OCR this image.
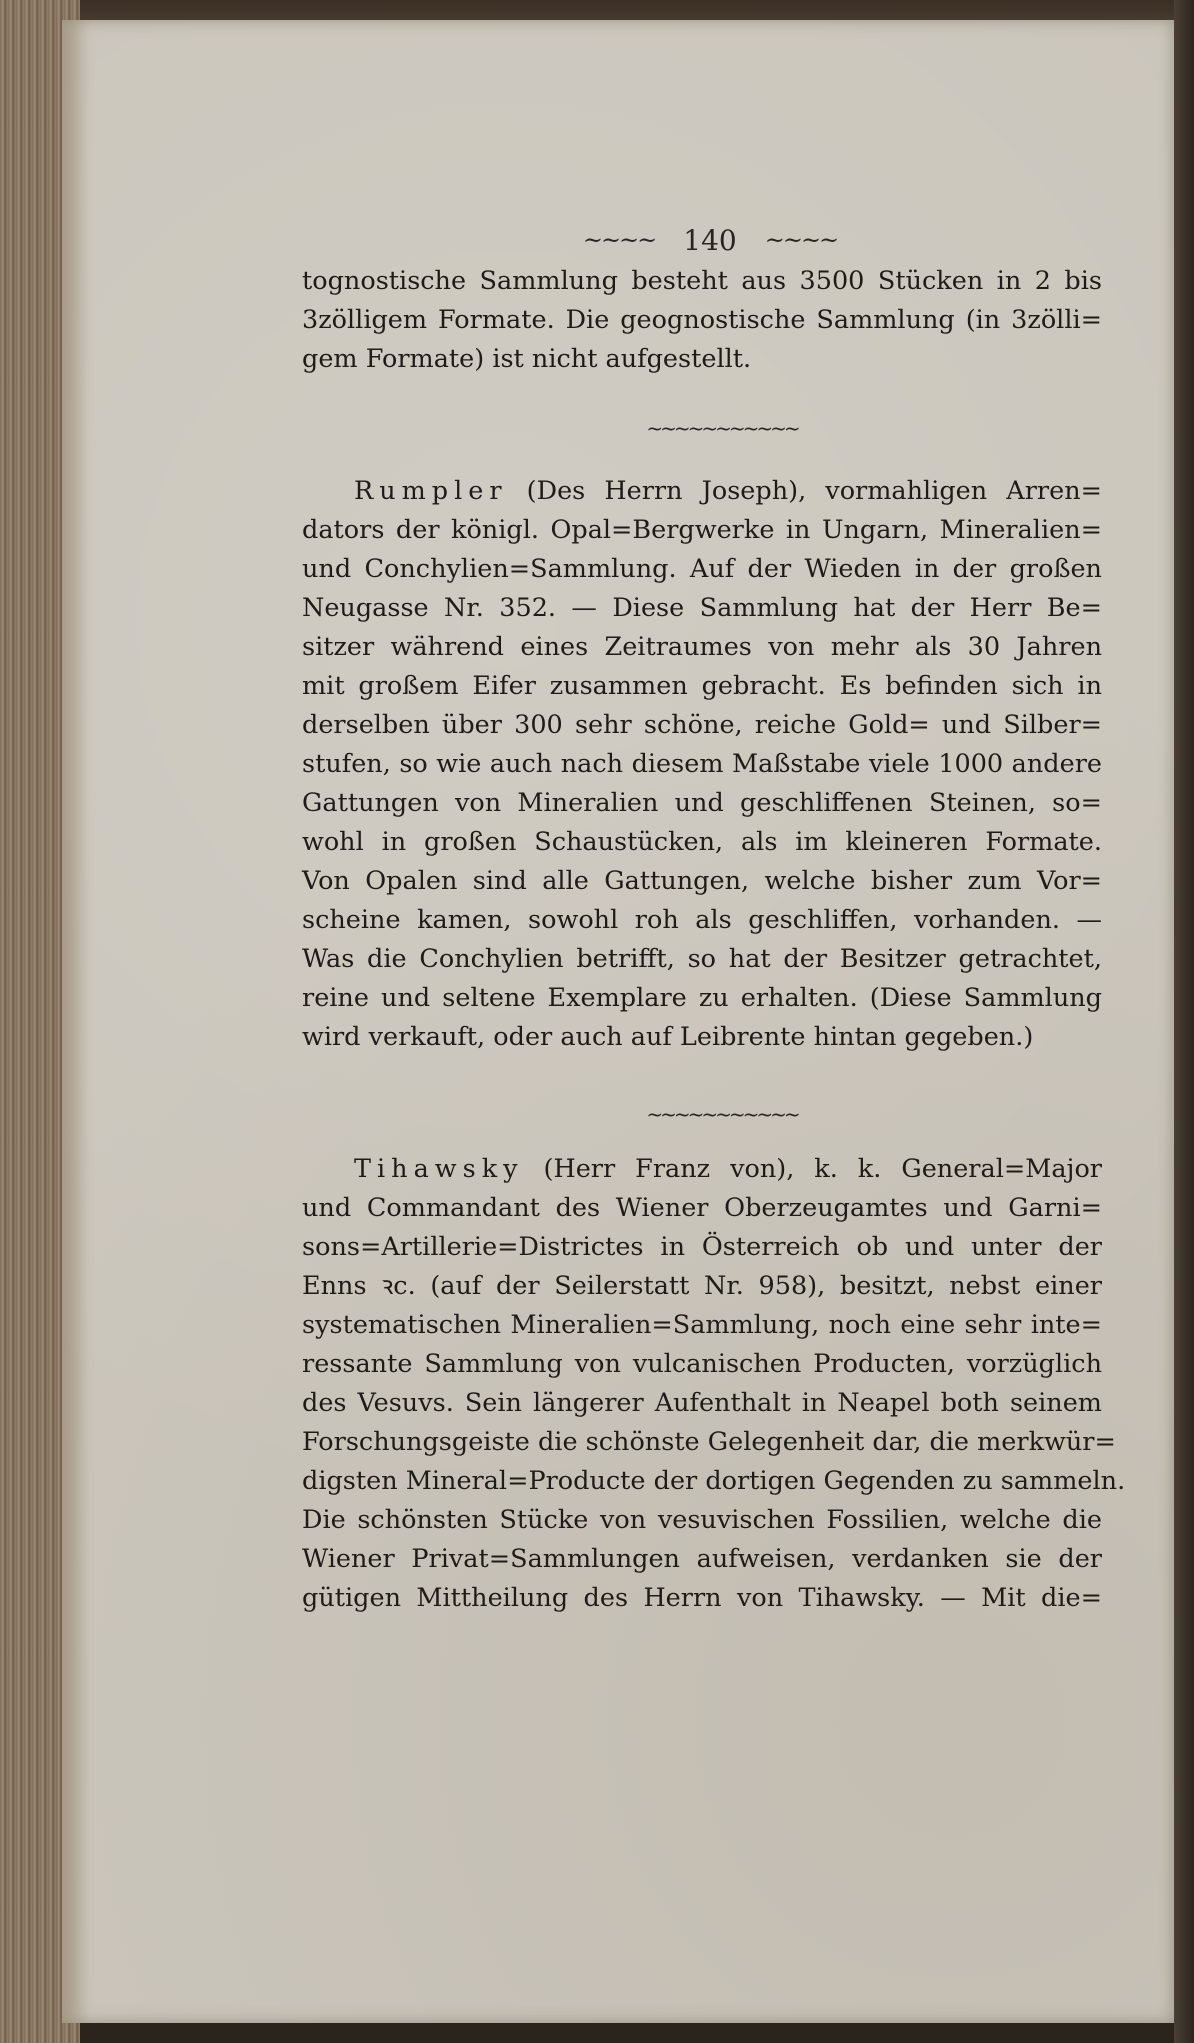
~~~~ 140 ~~~~
tognostische Sammlung besteht aus 3500 Stücken in 2 bis
3zölligem Formate. Die geognostische Sammlung (in 3zölli=
gem Formate) ist nicht aufgestellt.
~~~~~~~~~~~
Rumpler (Des Herrn Joseph), vormahligen Arren=
dators der königl. Opal=Bergwerke in Ungarn, Mineralien=
und Conchylien=Sammlung. Auf der Wieden in der großen
Neugasse Nr. 352. — Diese Sammlung hat der Herr Be=
sitzer während eines Zeitraumes von mehr als 30 Jahren
mit großem Eifer zusammen gebracht. Es befinden sich in
derselben über 300 sehr schöne, reiche Gold= und Silber=
stufen, so wie auch nach diesem Maßstabe viele 1000 andere
Gattungen von Mineralien und geschliffenen Steinen, so=
wohl in großen Schaustücken, als im kleineren Formate.
Von Opalen sind alle Gattungen, welche bisher zum Vor=
scheine kamen, sowohl roh als geschliffen, vorhanden. —
Was die Conchylien betrifft, so hat der Besitzer getrachtet,
reine und seltene Exemplare zu erhalten. (Diese Sammlung
wird verkauft, oder auch auf Leibrente hintan gegeben.)
~~~~~~~~~~~
Tihawsky (Herr Franz von), k. k. General=Major
und Commandant des Wiener Oberzeugamtes und Garni=
sons=Artillerie=Districtes in Österreich ob und unter der
Enns ꝛc. (auf der Seilerstatt Nr. 958), besitzt, nebst einer
systematischen Mineralien=Sammlung, noch eine sehr inte=
ressante Sammlung von vulcanischen Producten, vorzüglich
des Vesuvs. Sein längerer Aufenthalt in Neapel both seinem
Forschungsgeiste die schönste Gelegenheit dar, die merkwür=
digsten Mineral=Producte der dortigen Gegenden zu sammeln.
Die schönsten Stücke von vesuvischen Fossilien, welche die
Wiener Privat=Sammlungen aufweisen, verdanken sie der
gütigen Mittheilung des Herrn von Tihawsky. — Mit die=
